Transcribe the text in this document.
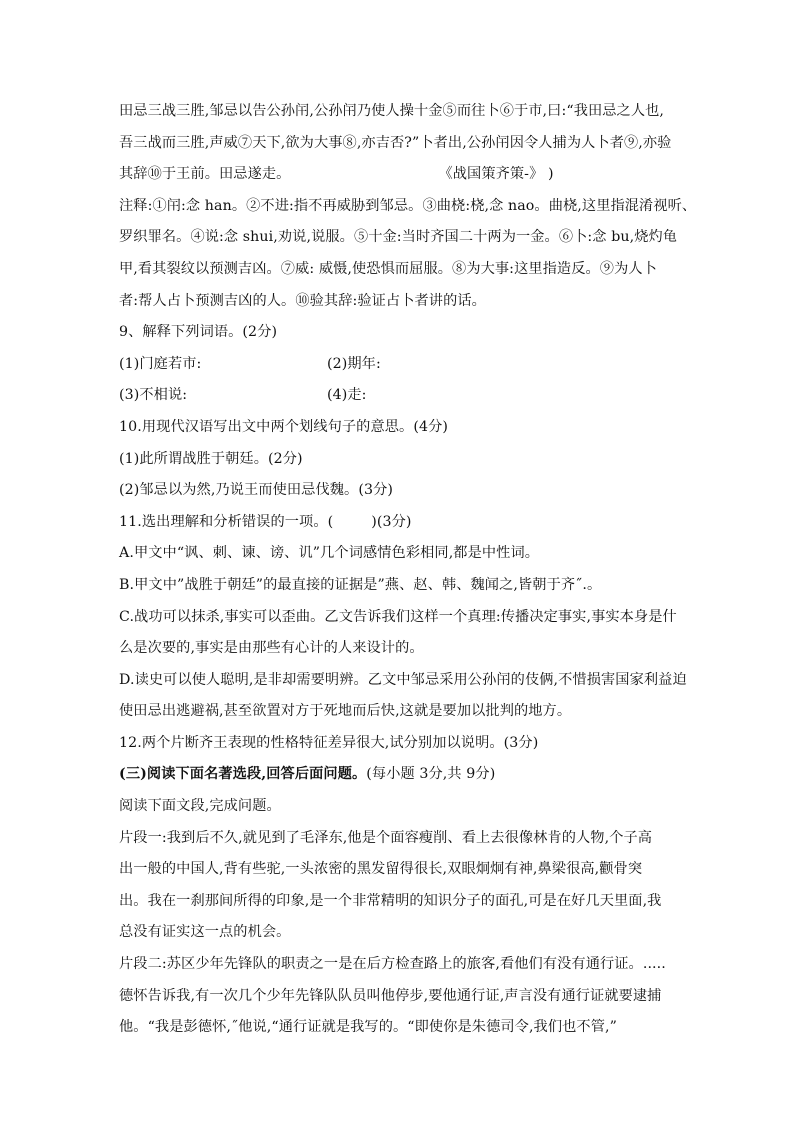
田忌三战三胜,邹忌以告公孙闬,公孙闬乃使人操十金⑤而往卜⑥于市,曰:“我田忌之人也,
吾三战而三胜,声威⑦天下,欲为大事⑧,亦吉否?”卜者出,公孙闬因令人捕为人卜者⑨,亦验
其辞⑩于王前。田忌遂走。	《战国策齐策-》 )
注释:①闬:念 han。②不进:指不再威胁到邹忌。③曲桡:桡,念 nao。曲桡,这里指混淆视听、
罗织罪名。④说:念 shui,劝说,说服。⑤十金:当时齐国二十两为一金。⑥卜:念 bu,烧灼龟
甲,看其裂纹以预测吉凶。⑦威: 威慑,使恐惧而屈服。⑧为大事:这里指造反。⑨为人卜
者:帮人占卜预测吉凶的人。⑩验其辞:验证占卜者讲的话。
9、解释下列词语。(2分)
(1)门庭若市:	(2)期年:
(3)不相说:	(4)走:
10.用现代汉语写出文中两个划线句子的意思。(4分)
(1)此所谓战胜于朝廷。(2分)
(2)邹忌以为然,乃说王而使田忌伐魏。(3分)
11.选出理解和分析错误的一项。(	)(3分)
A.甲文中“讽、刺、谏、谤、讥”几个词感情色彩相同,都是中性词。
B.甲文中”战胜于朝廷”的最直接的证据是”燕、赵、韩、魏闻之,皆朝于齐˝.。
C.战功可以抹杀,事实可以歪曲。乙文告诉我们这样一个真理:传播决定事实,事实本身是什
么是次要的,事实是由那些有心计的人来设计的。
D.读史可以使人聪明,是非却需要明辨。乙文中邹忌采用公孙闬的伎俩,不惜损害国家利益迫
使田忌出逃避祸,甚至欲置对方于死地而后快,这就是要加以批判的地方。
12.两个片断齐王表现的性格特征差异很大,试分别加以说明。(3分)
(三)阅读下面名著选段,回答后面问题。(每小题 3分,共 9分)
阅读下面文段,完成问题。
片段一:我到后不久,就见到了毛泽东,他是个面容瘦削、看上去很像林肯的人物,个子高
出一般的中国人,背有些驼,一头浓密的黑发留得很长,双眼炯炯有神,鼻梁很高,颧骨突
出。我在一刹那间所得的印象,是一个非常精明的知识分子的面孔,可是在好几天里面,我
总没有证实这一点的机会。
片段二:苏区少年先锋队的职责之一是在后方检查路上的旅客,看他们有没有通行证。.....
德怀告诉我,有一次几个少年先锋队队员叫他停步,要他通行证,声言没有通行证就要逮捕
他。“我是彭德怀,˝他说,“通行证就是我写的。“即使你是朱德司令,我们也不管,”
